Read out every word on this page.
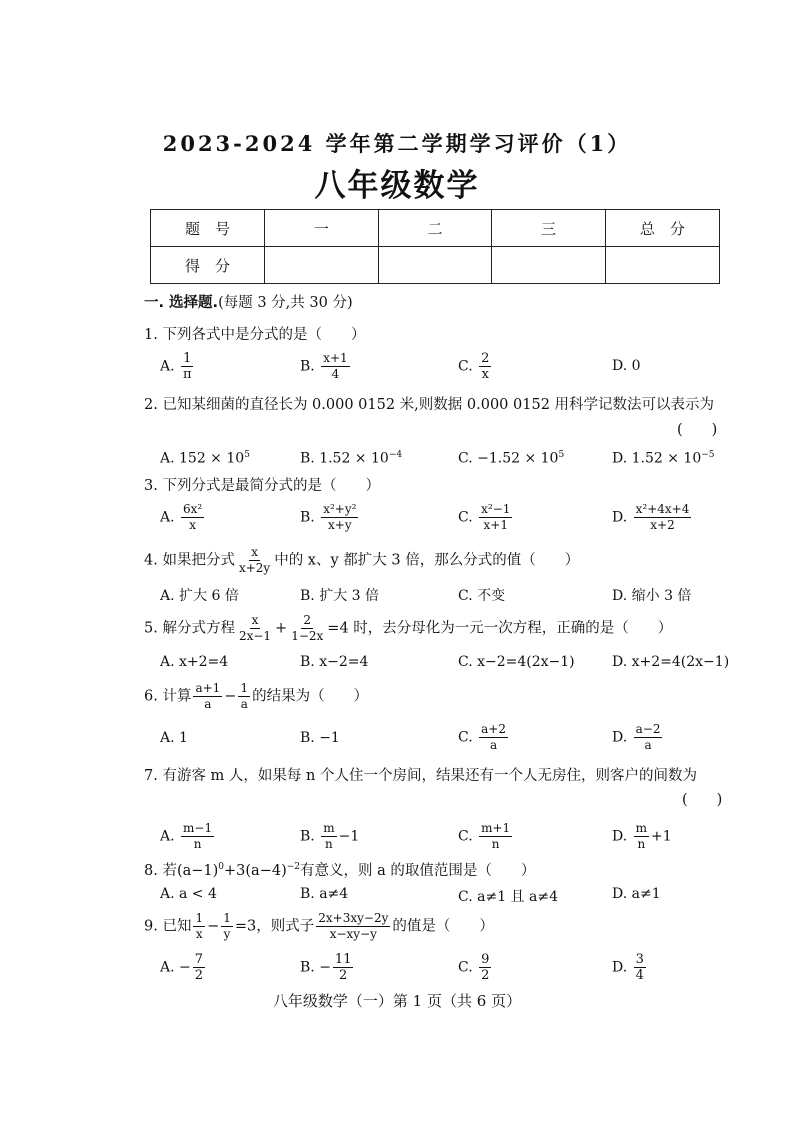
2023-2024 学年第二学期学习评价（1）
八年级数学
题　号	一	二	三	总　分
得　分				
一. 选择题.(每题 3 分,共 30 分)
1. 下列各式中是分式的是（　　）
A. $\frac{1}{\pi}$	B. $\frac{x+1}{4}$	C. $\frac{2}{x}$	D. 0
2. 已知某细菌的直径长为 0.000 0152 米,则数据 0.000 0152 用科学记数法可以表示为
(　　)
A. $152 \times 10^5$	B. $1.52 \times 10^{-4}$	C. $-1.52 \times 10^5$	D. $1.52 \times 10^{-5}$
3. 下列分式是最简分式的是（　　）
A. $\frac{\text{6x²}}{x}$	B. $\frac{\text{x²+y²}}{x+y}$	C. $\frac{\text{x²−1}}{x+1}$	D. $\frac{\text{x²+4x+4}}{x+2}$
4. 如果把分式 $\frac{x}{x+2y}$ 中的 x、y 都扩大 3 倍，那么分式的值（　　）
A. 扩大 6 倍	B. 扩大 3 倍	C. 不变	D. 缩小 3 倍
5. 解分式方程 $\frac{x}{2x-1} + \frac{2}{1-2x} =4$ 时，去分母化为一元一次方程，正确的是（　　）
A. x+2=4	B. x−2=4	C. x−2=4(2x−1)	D. x+2=4(2x−1)
6. 计算 $\frac{a+1}{a} - \frac{1}{a}$ 的结果为（　　）
A. 1	B. −1	C. $\frac{a+2}{a}$	D. $\frac{a-2}{a}$
7. 有游客 m 人，如果每 n 个人住一个房间，结果还有一个人无房住，则客户的间数为
(　　)
A. $\frac{m-1}{n}$	B. $\frac{m}{n} -1$	C. $\frac{m+1}{n}$	D. $\frac{m}{n} +1$
8. 若$(a-1)^0+3(a-4)^{-2}$有意义，则 a 的取值范围是（　　）
A. a < 4	B. a≠4	C. a≠1 且 a≠4	D. a≠1
9. 已知 $\frac{1}{x} - \frac{1}{y} =3$，则式子 $\frac{2x+3xy-2y}{x-xy-y}$ 的值是（　　）
A. − $\frac{7}{2}$	B. − $\frac{11}{2}$	C. $\frac{9}{2}$	D. $\frac{3}{4}$
八年级数学（一）第 1 页（共 6 页）
